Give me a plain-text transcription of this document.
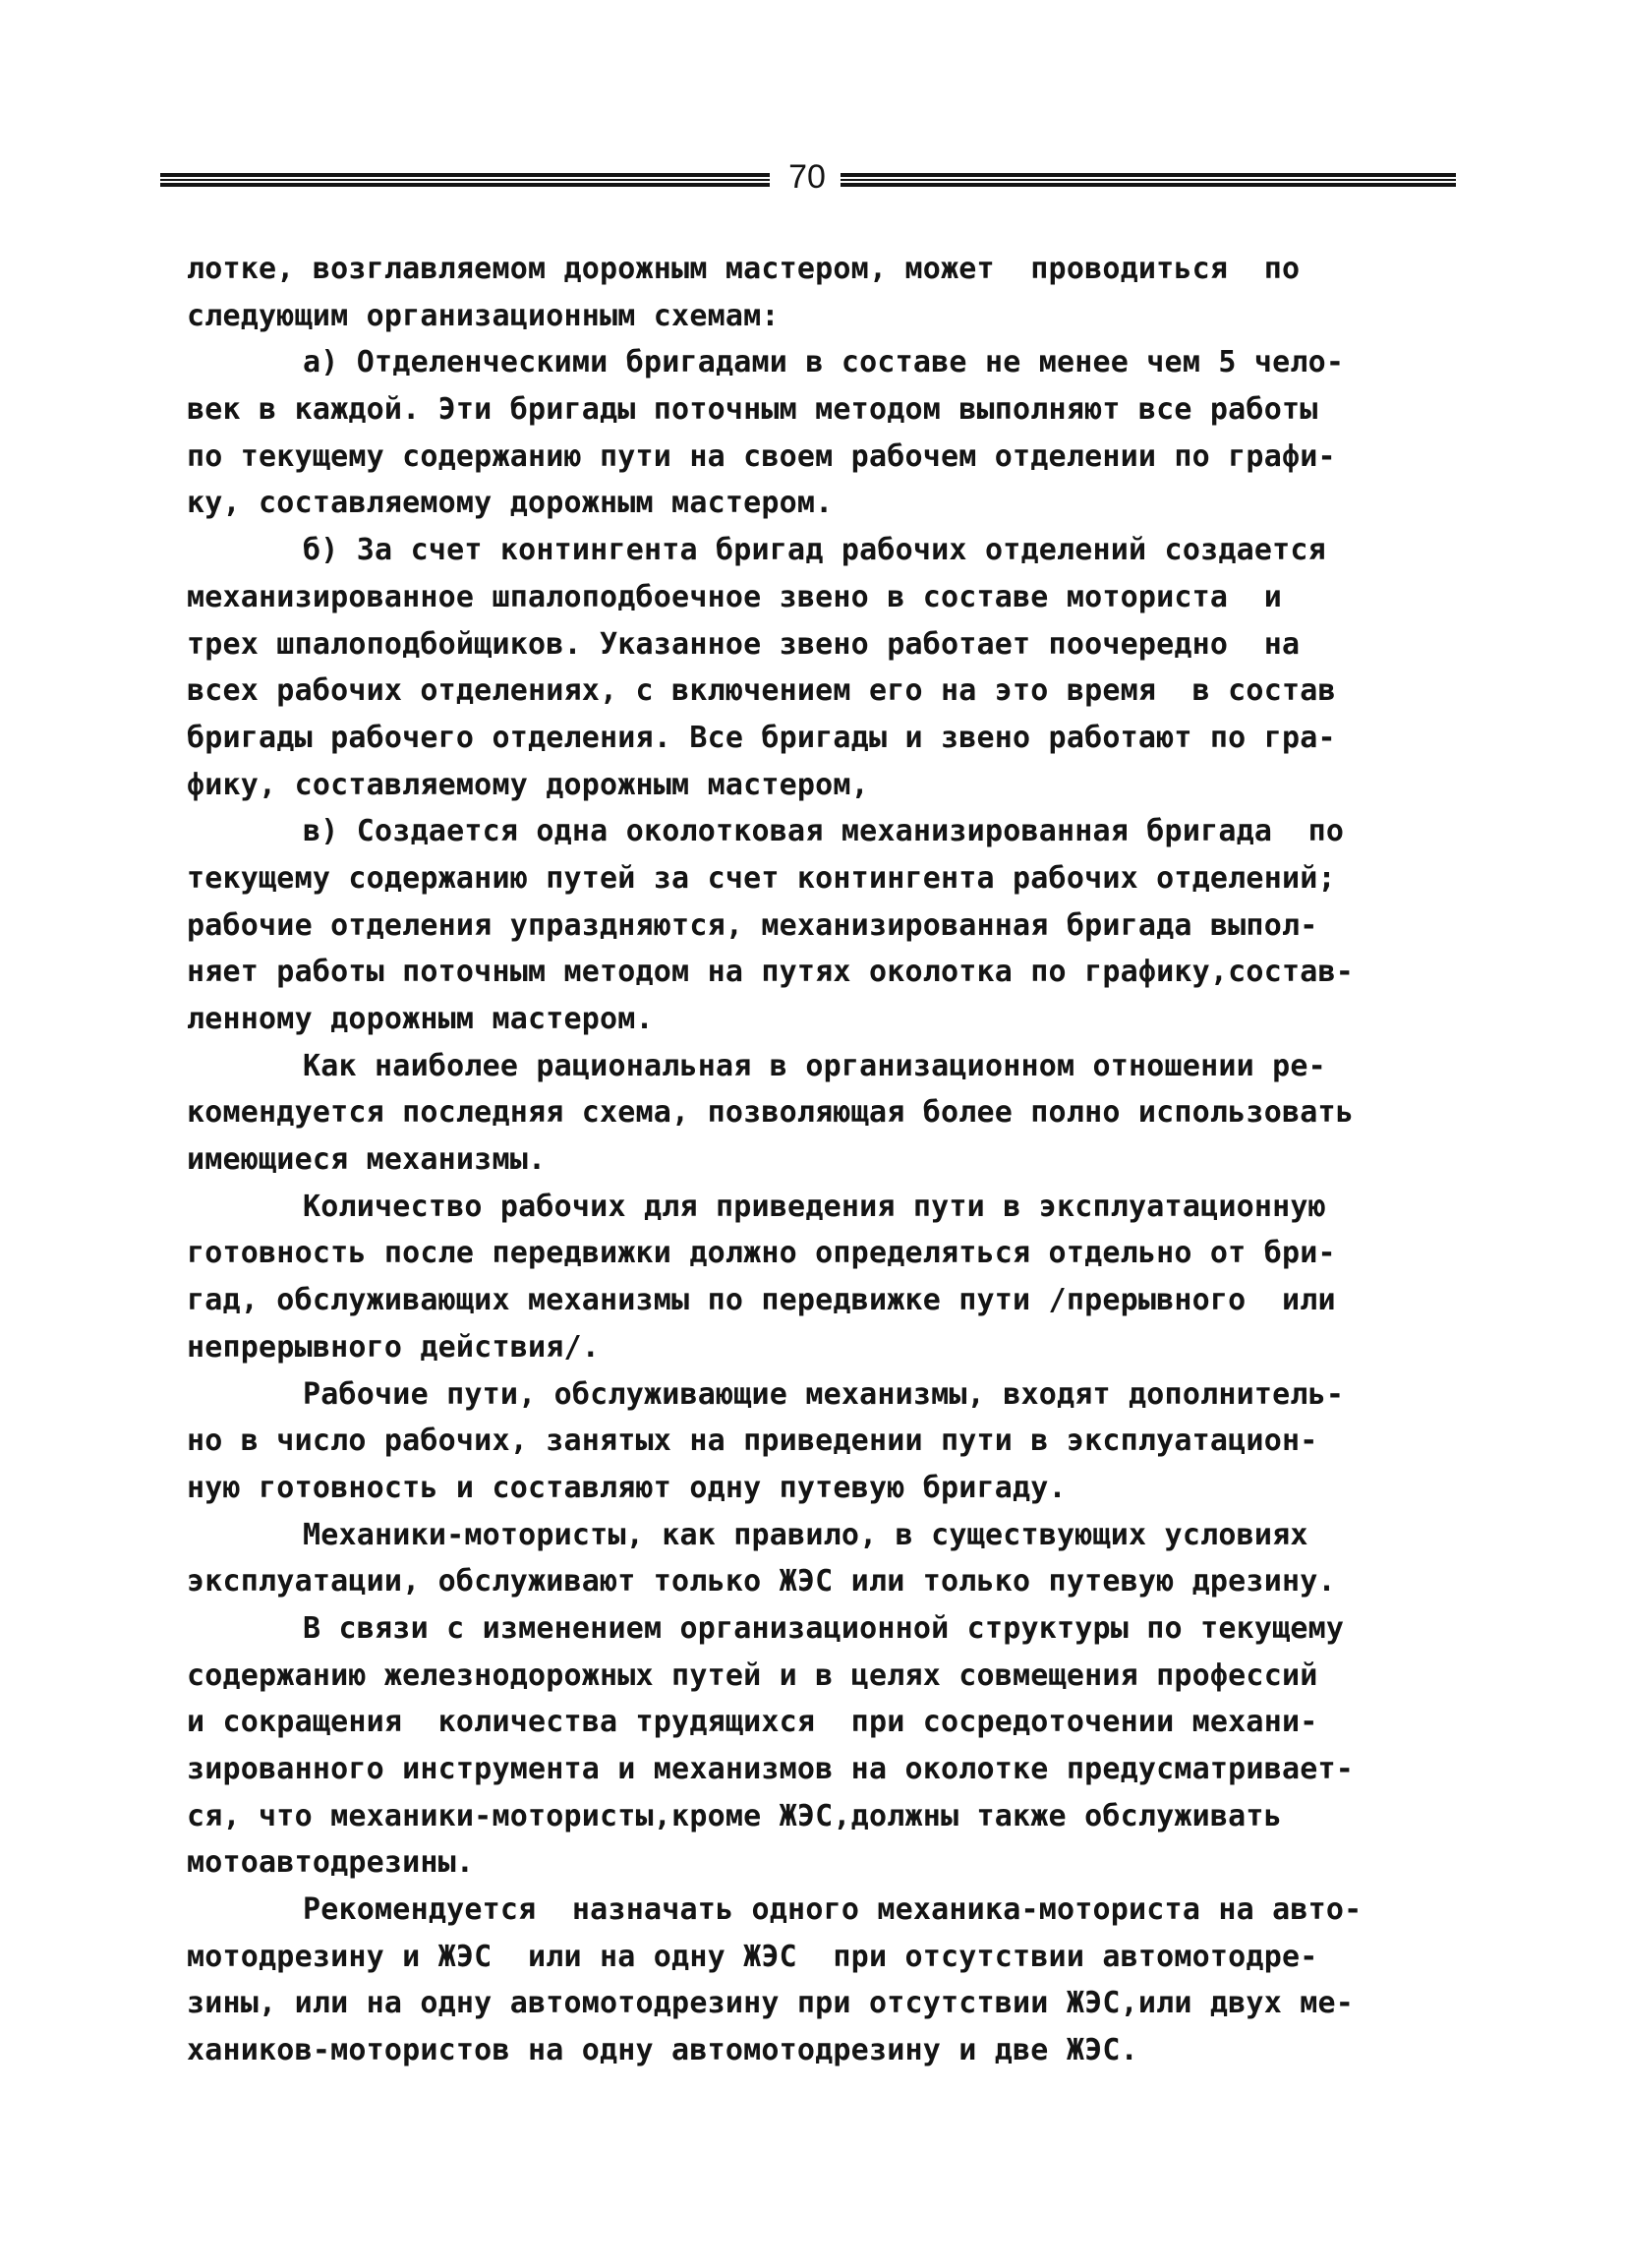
70
лотке, возглавляемом дорожным мастером, может  проводиться  по
следующим организационным схемам:
а) Отделенческими бригадами в составе не менее чем 5 чело-
век в каждой. Эти бригады поточным методом выполняют все работы
по текущему содержанию пути на своем рабочем отделении по графи-
ку, составляемому дорожным мастером.
б) За счет контингента бригад рабочих отделений создается
механизированное шпалоподбоечное звено в составе моториста  и
трех шпалоподбойщиков. Указанное звено работает поочередно  на
всех рабочих отделениях, с включением его на это время  в состав
бригады рабочего отделения. Все бригады и звено работают по гра-
фику, составляемому дорожным мастером,
в) Создается одна околотковая механизированная бригада  по
текущему содержанию путей за счет контингента рабочих отделений;
рабочие отделения упраздняются, механизированная бригада выпол-
няет работы поточным методом на путях околотка по графику,состав-
ленному дорожным мастером.
Как наиболее рациональная в организационном отношении ре-
комендуется последняя схема, позволяющая более полно использовать
имеющиеся механизмы.
Количество рабочих для приведения пути в эксплуатационную
готовность после передвижки должно определяться отдельно от бри-
гад, обслуживающих механизмы по передвижке пути /прерывного  или
непрерывного действия/.
Рабочие пути, обслуживающие механизмы, входят дополнитель-
но в число рабочих, занятых на приведении пути в эксплуатацион-
ную готовность и составляют одну путевую бригаду.
Механики-мотористы, как правило, в существующих условиях
эксплуатации, обслуживают только ЖЭС или только путевую дрезину.
В связи с изменением организационной структуры по текущему
содержанию железнодорожных путей и в целях совмещения профессий
и сокращения  количества трудящихся  при сосредоточении механи-
зированного инструмента и механизмов на околотке предусматривает-
ся, что механики-мотористы,кроме ЖЭС,должны также обслуживать
мотоавтодрезины.
Рекомендуется  назначать одного механика-моториста на авто-
мотодрезину и ЖЭС  или на одну ЖЭС  при отсутствии автомотодре-
зины, или на одну автомотодрезину при отсутствии ЖЭС,или двух ме-
хаников-мотористов на одну автомотодрезину и две ЖЭС.
